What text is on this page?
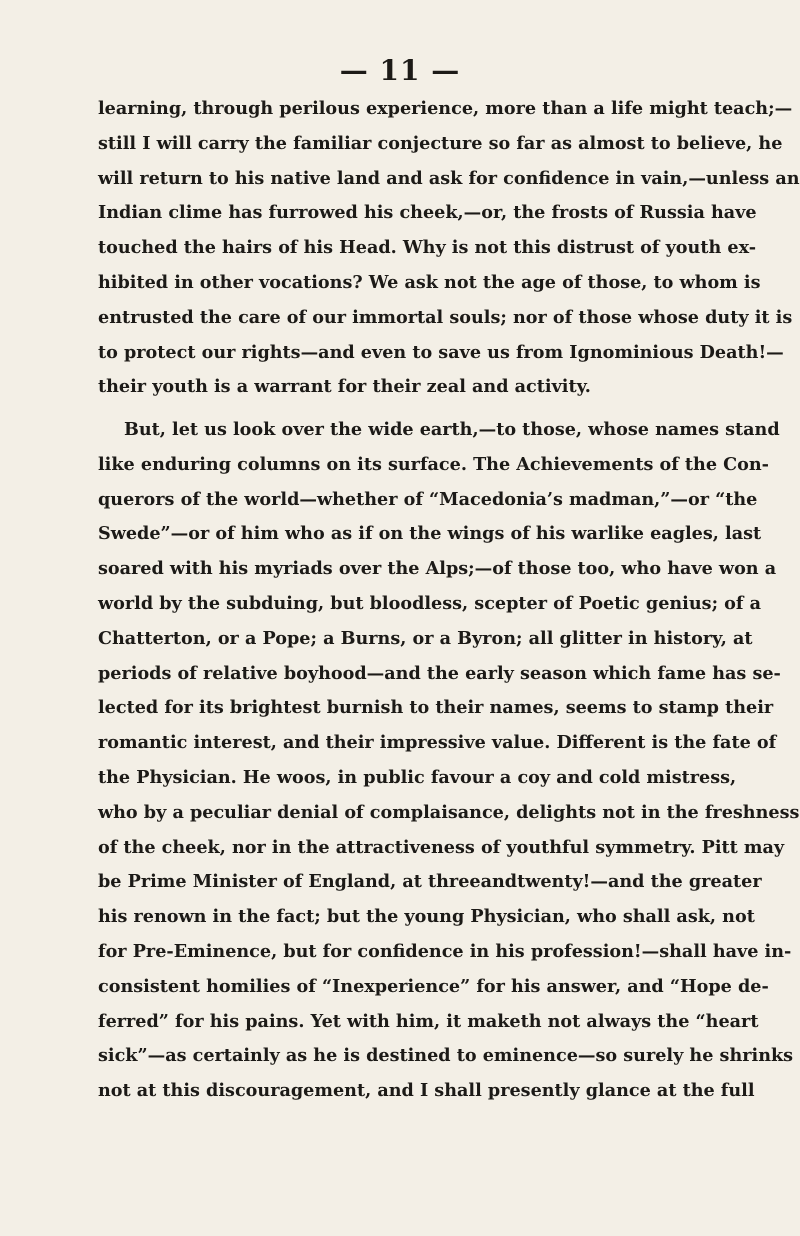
— 11 —
learning, through perilous experience, more than a life might teach;—
still I will carry the familiar conjecture so far as almost to believe, he
will return to his native land and ask for confidence in vain,—unless an
Indian clime has furrowed his cheek,—or, the frosts of Russia have
touched the hairs of his Head. Why is not this distrust of youth ex-
hibited in other vocations? We ask not the age of those, to whom is
entrusted the care of our immortal souls; nor of those whose duty it is
to protect our rights—and even to save us from Ignominious Death!—
their youth is a warrant for their zeal and activity.
But, let us look over the wide earth,—to those, whose names stand
like enduring columns on its surface. The Achievements of the Con-
querors of the world—whether of “Macedonia’s madman,”—or “the
Swede”—or of him who as if on the wings of his warlike eagles, last
soared with his myriads over the Alps;—of those too, who have won a
world by the subduing, but bloodless, scepter of Poetic genius; of a
Chatterton, or a Pope; a Burns, or a Byron; all glitter in history, at
periods of relative boyhood—and the early season which fame has se-
lected for its brightest burnish to their names, seems to stamp their
romantic interest, and their impressive value. Different is the fate of
the Physician. He woos, in public favour a coy and cold mistress,
who by a peculiar denial of complaisance, delights not in the freshness
of the cheek, nor in the attractiveness of youthful symmetry. Pitt may
be Prime Minister of England, at threeandtwenty!—and the greater
his renown in the fact; but the young Physician, who shall ask, not
for Pre-Eminence, but for confidence in his profession!—shall have in-
consistent homilies of “Inexperience” for his answer, and “Hope de-
ferred” for his pains. Yet with him, it maketh not always the “heart
sick”—as certainly as he is destined to eminence—so surely he shrinks
not at this discouragement, and I shall presently glance at the full
